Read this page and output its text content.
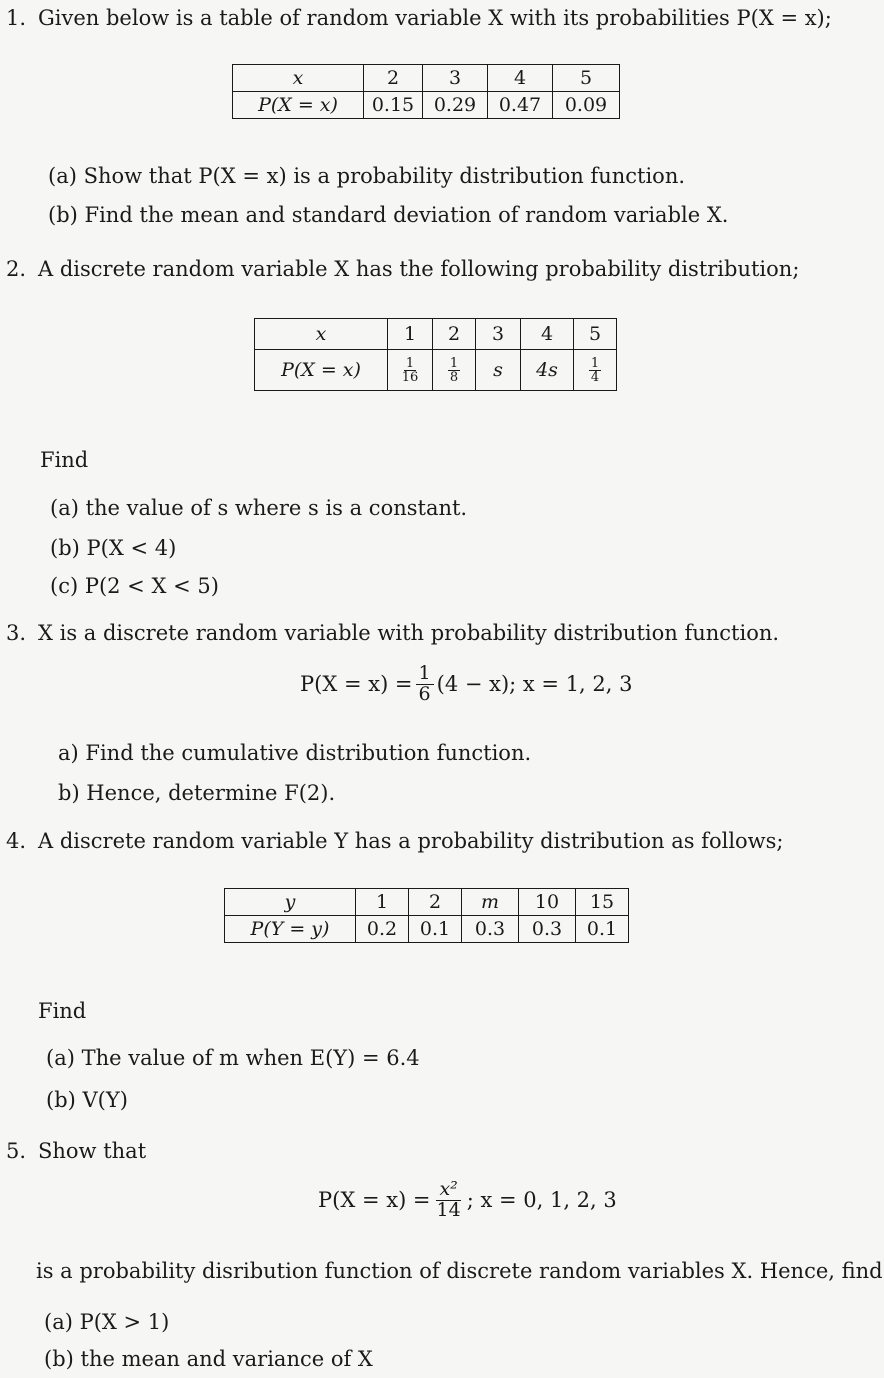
1. Given below is a table of random variable X with its probabilities P(X = x);
x	2	3	4	5
P(X = x)	0.15	0.29	0.47	0.09
(a) Show that P(X = x) is a probability distribution function.
(b) Find the mean and standard deviation of random variable X.
2. A discrete random variable X has the following probability distribution;
x	1	2	3	4	5
P(X = x)	$\frac{1}{16}$	$\frac{1}{8}$	s	4s	$\frac{1}{4}$
Find
(a) the value of s where s is a constant.
(b) P(X < 4)
(c) P(2 < X < 5)
3. X is a discrete random variable with probability distribution function.
$P(X = x) = \frac{1}{6} (4 - x)$; x = 1, 2, 3
a) Find the cumulative distribution function.
b) Hence, determine F(2).
4. A discrete random variable Y has a probability distribution as follows;
y	1	2	m	10	15
P(Y = y)	0.2	0.1	0.3	0.3	0.1
Find
(a) The value of m when E(Y) = 6.4
(b) V(Y)
5. Show that
$P(X = x) = \frac{\text{x²}}{14}$ ; x = 0, 1, 2, 3
is a probability disribution function of discrete random variables X. Hence, find
(a) P(X > 1)
(b) the mean and variance of X
